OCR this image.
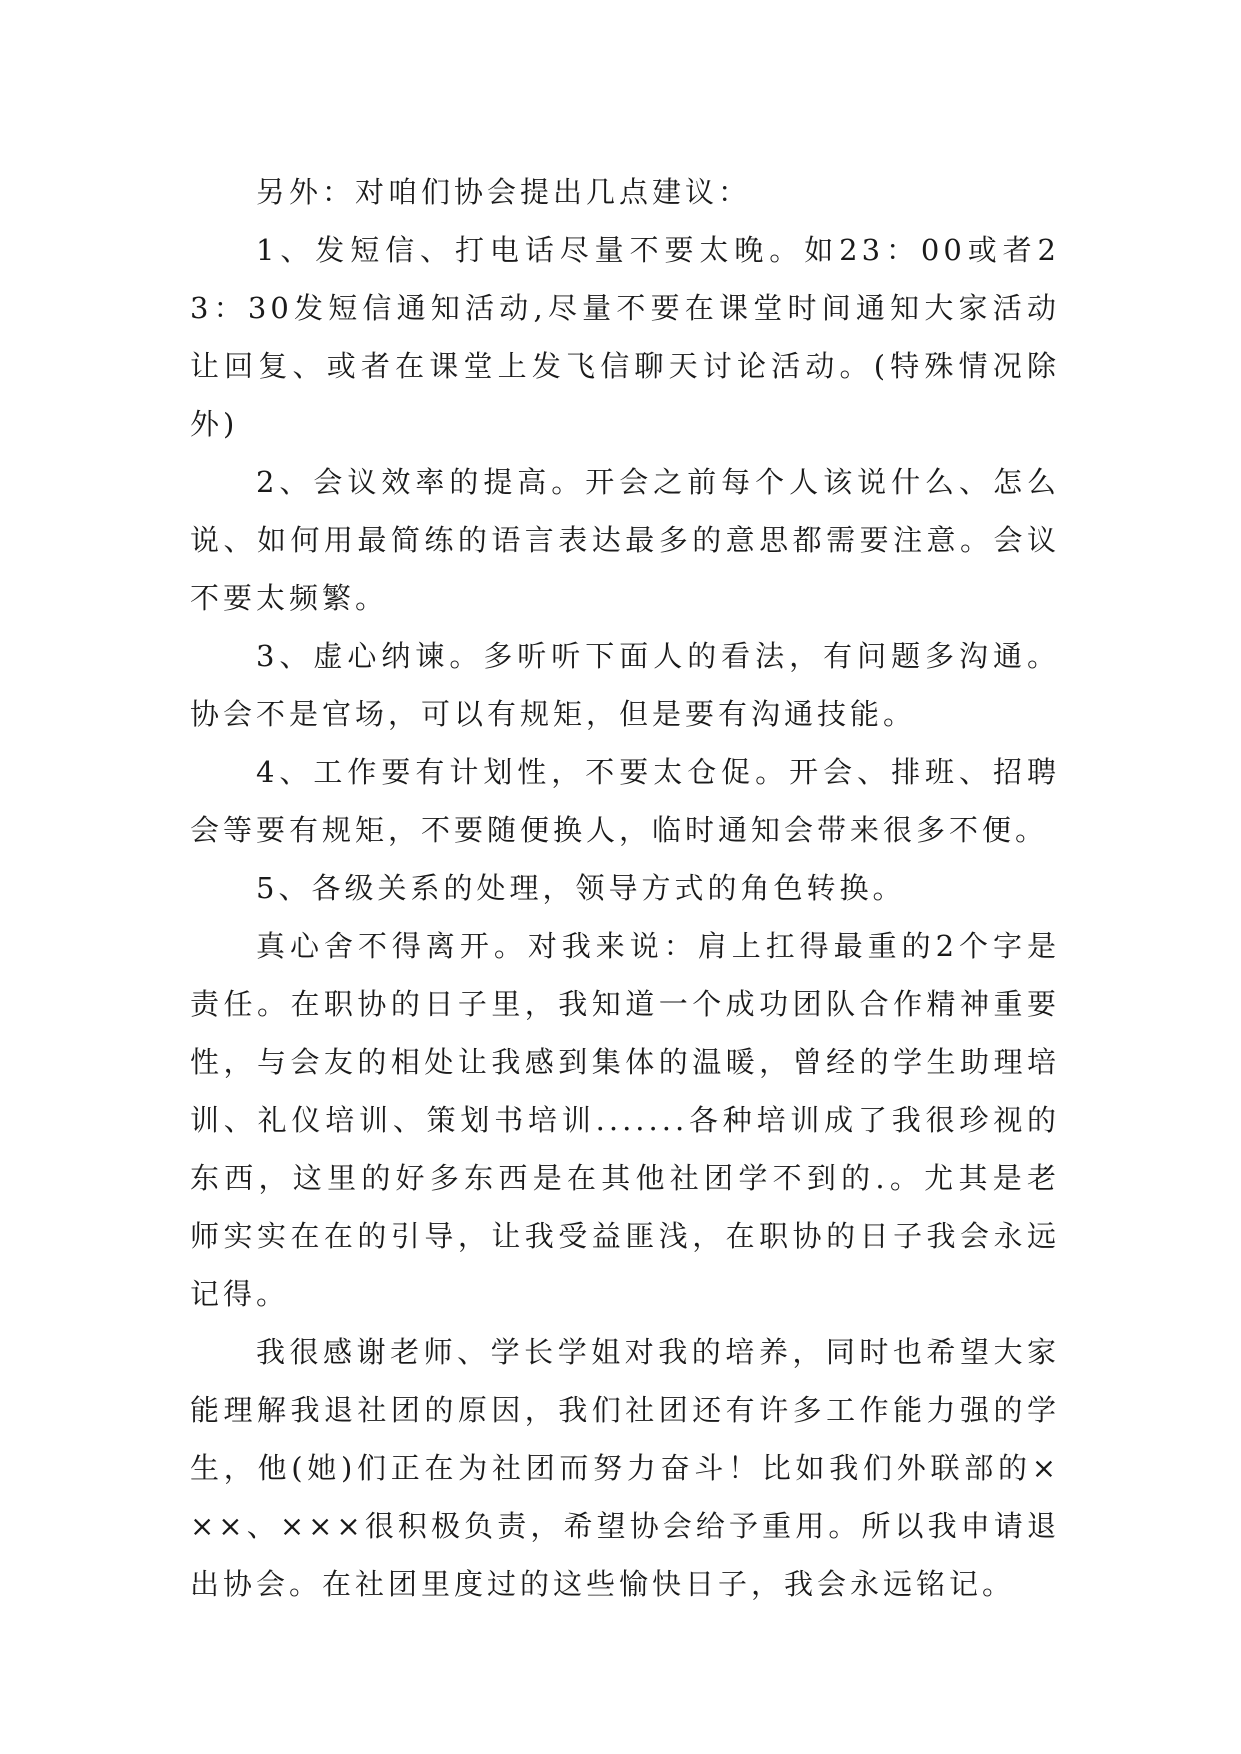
另外：对咱们协会提出几点建议：

1、发短信、打电话尽量不要太晚。如23：00或者23：30发短信通知活动,尽量不要在课堂时间通知大家活动让回复、或者在课堂上发飞信聊天讨论活动。(特殊情况除外)

2、会议效率的提高。开会之前每个人该说什么、怎么说、如何用最简练的语言表达最多的意思都需要注意。会议不要太频繁。

3、虚心纳谏。多听听下面人的看法，有问题多沟通。协会不是官场，可以有规矩，但是要有沟通技能。

4、工作要有计划性，不要太仓促。开会、排班、招聘会等要有规矩，不要随便换人，临时通知会带来很多不便。

5、各级关系的处理，领导方式的角色转换。

真心舍不得离开。对我来说：肩上扛得最重的2个字是责任。在职协的日子里，我知道一个成功团队合作精神重要性，与会友的相处让我感到集体的温暖，曾经的学生助理培训、礼仪培训、策划书培训.......各种培训成了我很珍视的东西，这里的好多东西是在其他社团学不到的.。尤其是老师实实在在的引导，让我受益匪浅，在职协的日子我会永远记得。

我很感谢老师、学长学姐对我的培养，同时也希望大家能理解我退社团的原因，我们社团还有许多工作能力强的学生，他(她)们正在为社团而努力奋斗！比如我们外联部的×××、×××很积极负责，希望协会给予重用。所以我申请退出协会。在社团里度过的这些愉快日子，我会永远铭记。
